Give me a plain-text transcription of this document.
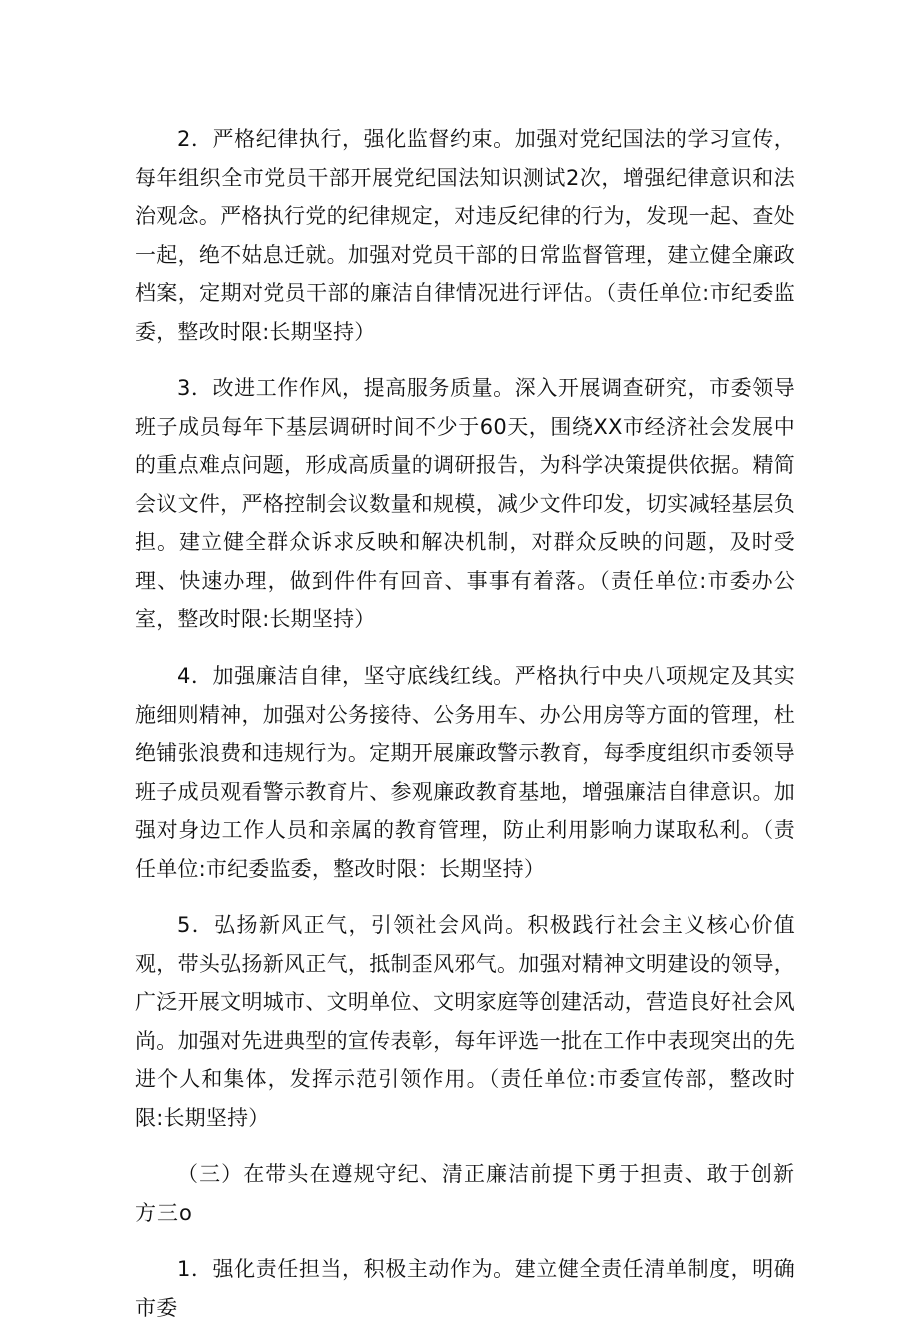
2．严格纪律执行，强化监督约束。加强对党纪国法的学习宣传，每年组织全市党员干部开展党纪国法知识测试2次，增强纪律意识和法治观念。严格执行党的纪律规定，对违反纪律的行为，发现一起、查处一起，绝不姑息迁就。加强对党员干部的日常监督管理，建立健全廉政档案，定期对党员干部的廉洁自律情况进行评估。（责任单位:市纪委监委，整改时限:长期坚持）

3．改进工作作风，提高服务质量。深入开展调查研究，市委领导班子成员每年下基层调研时间不少于60天，围绕XX市经济社会发展中的重点难点问题，形成高质量的调研报告，为科学决策提供依据。精简会议文件，严格控制会议数量和规模，减少文件印发，切实减轻基层负担。建立健全群众诉求反映和解决机制，对群众反映的问题，及时受理、快速办理，做到件件有回音、事事有着落。（责任单位:市委办公室，整改时限:长期坚持）

4．加强廉洁自律，坚守底线红线。严格执行中央八项规定及其实施细则精神，加强对公务接待、公务用车、办公用房等方面的管理，杜绝铺张浪费和违规行为。定期开展廉政警示教育，每季度组织市委领导班子成员观看警示教育片、参观廉政教育基地，增强廉洁自律意识。加强对身边工作人员和亲属的教育管理，防止利用影响力谋取私利。（责任单位:市纪委监委，整改时限：长期坚持）

5．弘扬新风正气，引领社会风尚。积极践行社会主义核心价值观，带头弘扬新风正气，抵制歪风邪气。加强对精神文明建设的领导，广泛开展文明城市、文明单位、文明家庭等创建活动，营造良好社会风尚。加强对先进典型的宣传表彰，每年评选一批在工作中表现突出的先进个人和集体，发挥示范引领作用。（责任单位:市委宣传部，整改时限:长期坚持）

（三）在带头在遵规守纪、清正廉洁前提下勇于担责、敢于创新方三o

1．强化责任担当，积极主动作为。建立健全责任清单制度，明确市委
